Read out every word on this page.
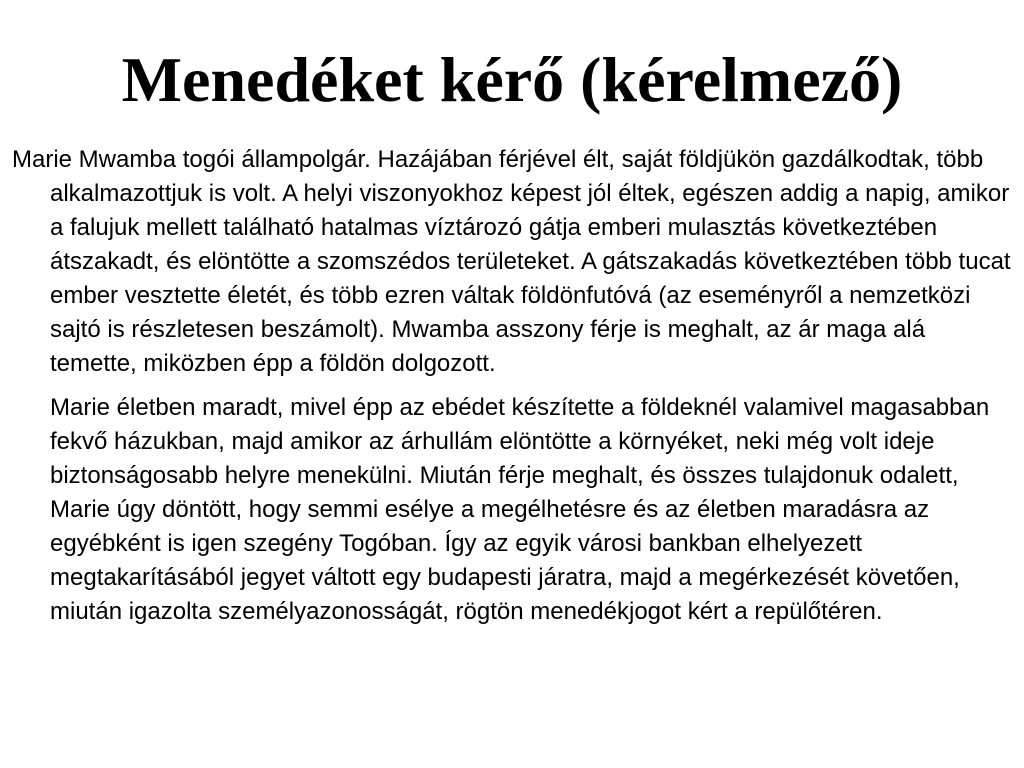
Menedéket kérő (kérelmező)

Marie Mwamba togói állampolgár. Hazájában férjével élt, saját földjükön gazdálkodtak, több alkalmazottjuk is volt. A helyi viszonyokhoz képest jól éltek, egészen addig a napig, amikor a falujuk mellett található hatalmas víztározó gátja emberi mulasztás következtében átszakadt, és elöntötte a szomszédos területeket. A gátszakadás következtében több tucat ember vesztette életét, és több ezren váltak földönfutóvá (az eseményről a nemzetközi sajtó is részletesen beszámolt). Mwamba asszony férje is meghalt, az ár maga alá temette, miközben épp a földön dolgozott.

Marie életben maradt, mivel épp az ebédet készítette a földeknél valamivel magasabban fekvő házukban, majd amikor az árhullám elöntötte a környéket, neki még volt ideje biztonságosabb helyre menekülni. Miután férje meghalt, és összes tulajdonuk odalett, Marie úgy döntött, hogy semmi esélye a megélhetésre és az életben maradásra az egyébként is igen szegény Togóban. Így az egyik városi bankban elhelyezett megtakarításából jegyet váltott egy budapesti járatra, majd a megérkezését követően, miután igazolta személyazonosságát, rögtön menedékjogot kért a repülőtéren.
